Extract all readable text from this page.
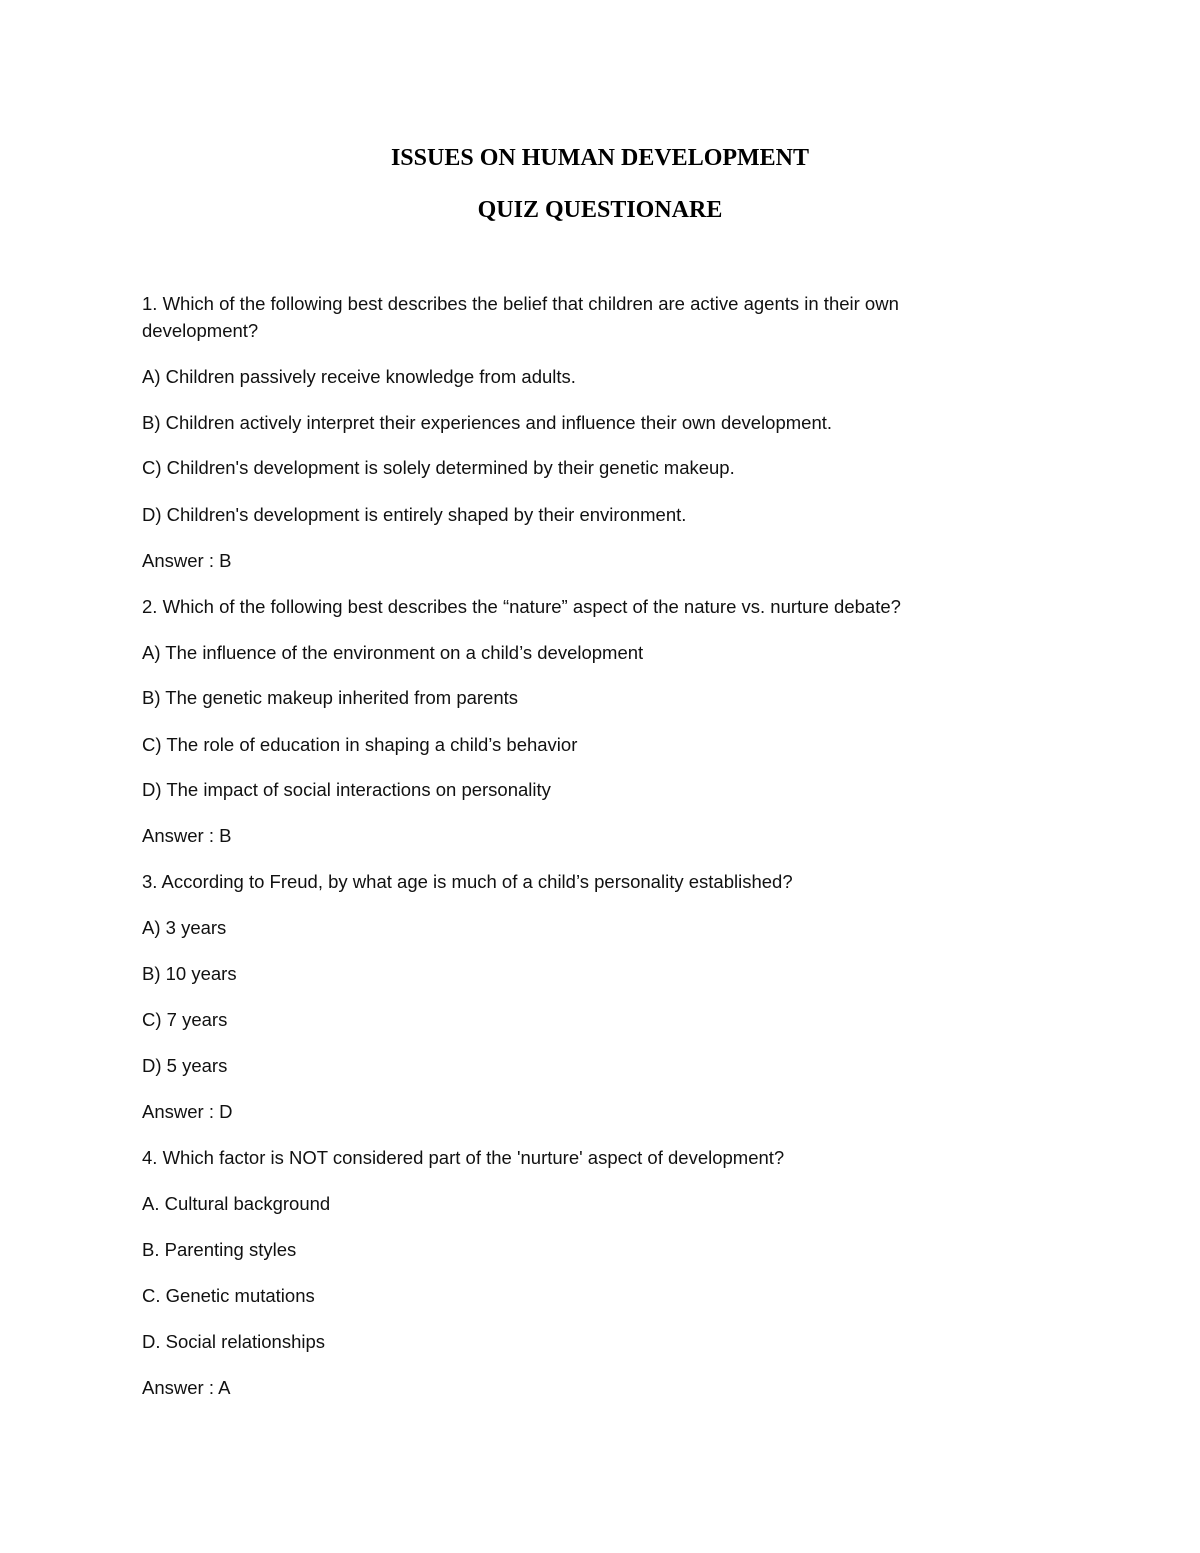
ISSUES ON HUMAN DEVELOPMENT
QUIZ QUESTIONARE

1. Which of the following best describes the belief that children are active agents in their own development?

A) Children passively receive knowledge from adults.

B) Children actively interpret their experiences and influence their own development.

C) Children's development is solely determined by their genetic makeup.

D) Children's development is entirely shaped by their environment.

Answer : B

2. Which of the following best describes the “nature” aspect of the nature vs. nurture debate?

A) The influence of the environment on a child’s development

B) The genetic makeup inherited from parents

C) The role of education in shaping a child’s behavior

D) The impact of social interactions on personality

Answer : B

3. According to Freud, by what age is much of a child’s personality established?

A) 3 years

B) 10 years

C) 7 years

D) 5 years

Answer : D

4. Which factor is NOT considered part of the 'nurture' aspect of development?

A. Cultural background

B. Parenting styles

C. Genetic mutations

D. Social relationships

Answer : A
